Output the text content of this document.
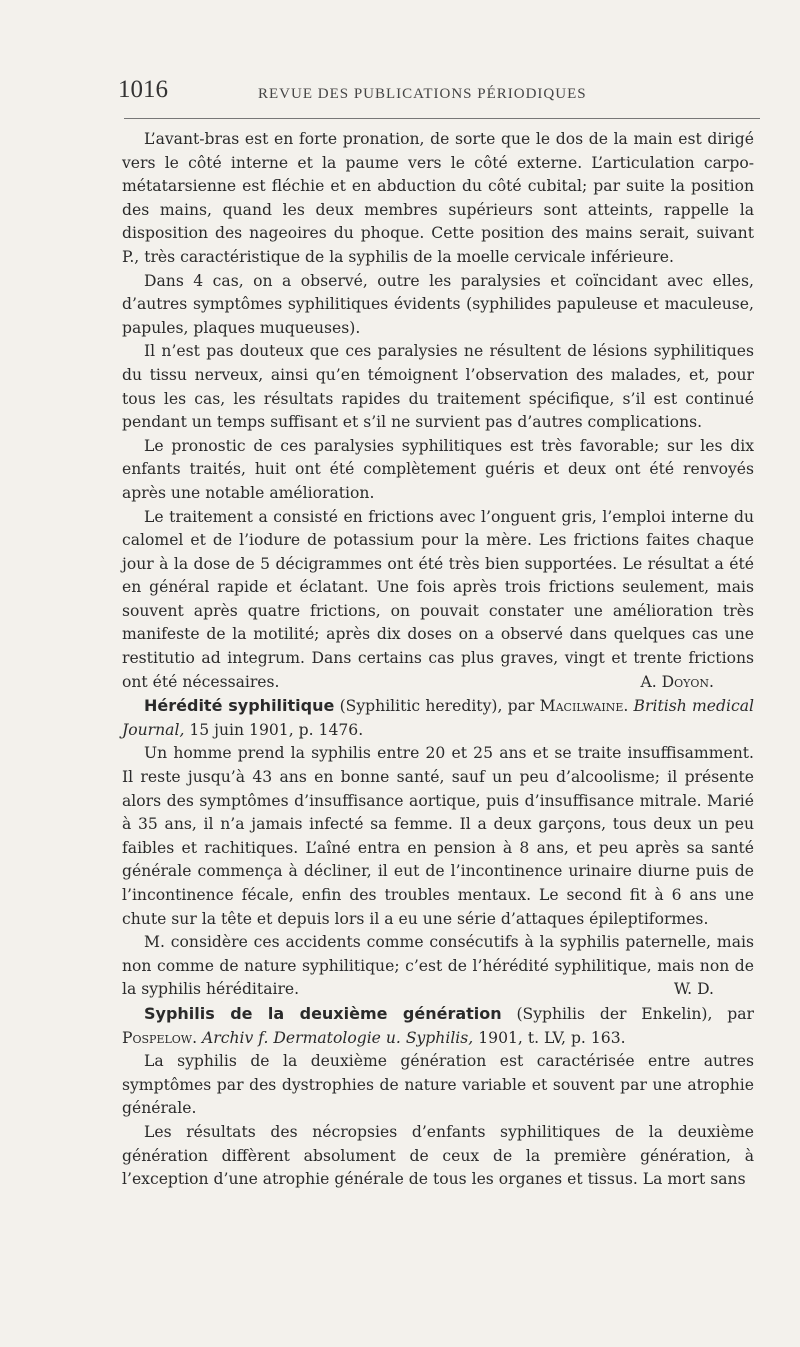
1016	REVUE DES PUBLICATIONS PÉRIODIQUES

L’avant-bras est en forte pronation, de sorte que le dos de la main est dirigé vers le côté interne et la paume vers le côté externe. L’articulation carpo-métatarsienne est fléchie et en abduction du côté cubital; par suite la position des mains, quand les deux membres supérieurs sont atteints, rappelle la disposition des nageoires du phoque. Cette position des mains serait, suivant P., très caractéristique de la syphilis de la moelle cervicale inférieure.

Dans 4 cas, on a observé, outre les paralysies et coïncidant avec elles, d’autres symptômes syphilitiques évidents (syphilides papuleuse et maculeuse, papules, plaques muqueuses).

Il n’est pas douteux que ces paralysies ne résultent de lésions syphilitiques du tissu nerveux, ainsi qu’en témoignent l’observation des malades, et, pour tous les cas, les résultats rapides du traitement spécifique, s’il est continué pendant un temps suffisant et s’il ne survient pas d’autres complications.

Le pronostic de ces paralysies syphilitiques est très favorable; sur les dix enfants traités, huit ont été complètement guéris et deux ont été renvoyés après une notable amélioration.

Le traitement a consisté en frictions avec l’onguent gris, l’emploi interne du calomel et de l’iodure de potassium pour la mère. Les frictions faites chaque jour à la dose de 5 décigrammes ont été très bien supportées. Le résultat a été en général rapide et éclatant. Une fois après trois frictions seulement, mais souvent après quatre frictions, on pouvait constater une amélioration très manifeste de la motilité; après dix doses on a observé dans quelques cas une restitutio ad integrum. Dans certains cas plus graves, vingt et trente frictions ont été nécessaires.	A. Doyon.

Hérédité syphilitique (Syphilitic heredity), par Macilwaine. British medical Journal, 15 juin 1901, p. 1476.

Un homme prend la syphilis entre 20 et 25 ans et se traite insuffisamment. Il reste jusqu’à 43 ans en bonne santé, sauf un peu d’alcoolisme; il présente alors des symptômes d’insuffisance aortique, puis d’insuffisance mitrale. Marié à 35 ans, il n’a jamais infecté sa femme. Il a deux garçons, tous deux un peu faibles et rachitiques. L’aîné entra en pension à 8 ans, et peu après sa santé générale commença à décliner, il eut de l’incontinence urinaire diurne puis de l’incontinence fécale, enfin des troubles mentaux. Le second fit à 6 ans une chute sur la tête et depuis lors il a eu une série d’attaques épileptiformes.

M. considère ces accidents comme consécutifs à la syphilis paternelle, mais non comme de nature syphilitique; c’est de l’hérédité syphilitique, mais non de la syphilis héréditaire.	W. D.

Syphilis de la deuxième génération (Syphilis der Enkelin), par Pospelow. Archiv f. Dermatologie u. Syphilis, 1901, t. LV, p. 163.

La syphilis de la deuxième génération est caractérisée entre autres symptômes par des dystrophies de nature variable et souvent par une atrophie générale.

Les résultats des nécropsies d’enfants syphilitiques de la deuxième génération diffèrent absolument de ceux de la première génération, à l’exception d’une atrophie générale de tous les organes et tissus. La mort sans
